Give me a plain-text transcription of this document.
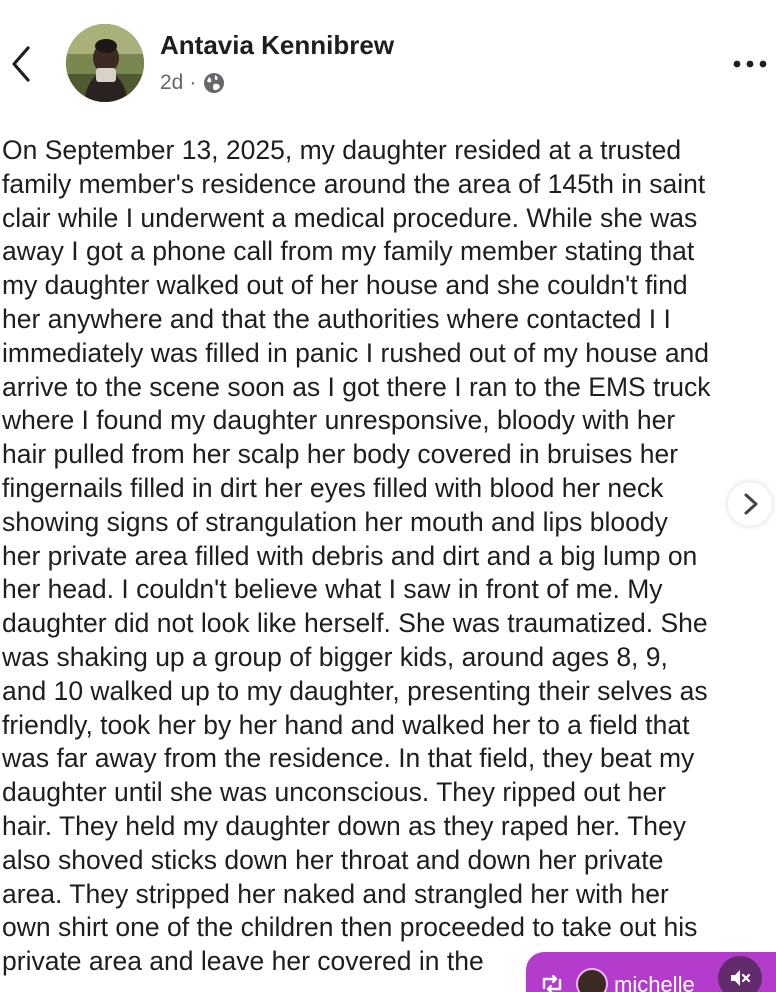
Antavia Kennibrew
2d ·
On September 13, 2025, my daughter resided at a trusted
family member's residence around the area of 145th in saint
clair while I underwent a medical procedure. While she was
away I got a phone call from my family member stating that
my daughter walked out of her house and she couldn't find
her anywhere and that the authorities where contacted I I
immediately was filled in panic I rushed out of my house and
arrive to the scene soon as I got there I ran to the EMS truck
where I found my daughter unresponsive, bloody with her
hair pulled from her scalp her body covered in bruises her
fingernails filled in dirt her eyes filled with blood her neck
showing signs of strangulation her mouth and lips bloody
her private area filled with debris and dirt and a big lump on
her head. I couldn't believe what I saw in front of me. My
daughter did not look like herself. She was traumatized. She
was shaking up a group of bigger kids, around ages 8, 9,
and 10 walked up to my daughter, presenting their selves as
friendly, took her by her hand and walked her to a field that
was far away from the residence. In that field, they beat my
daughter until she was unconscious. They ripped out her
hair. They held my daughter down as they raped her. They
also shoved sticks down her throat and down her private
area. They stripped her naked and strangled her with her
own shirt one of the children then proceeded to take out his
private area and leave her covered in the
michelle
